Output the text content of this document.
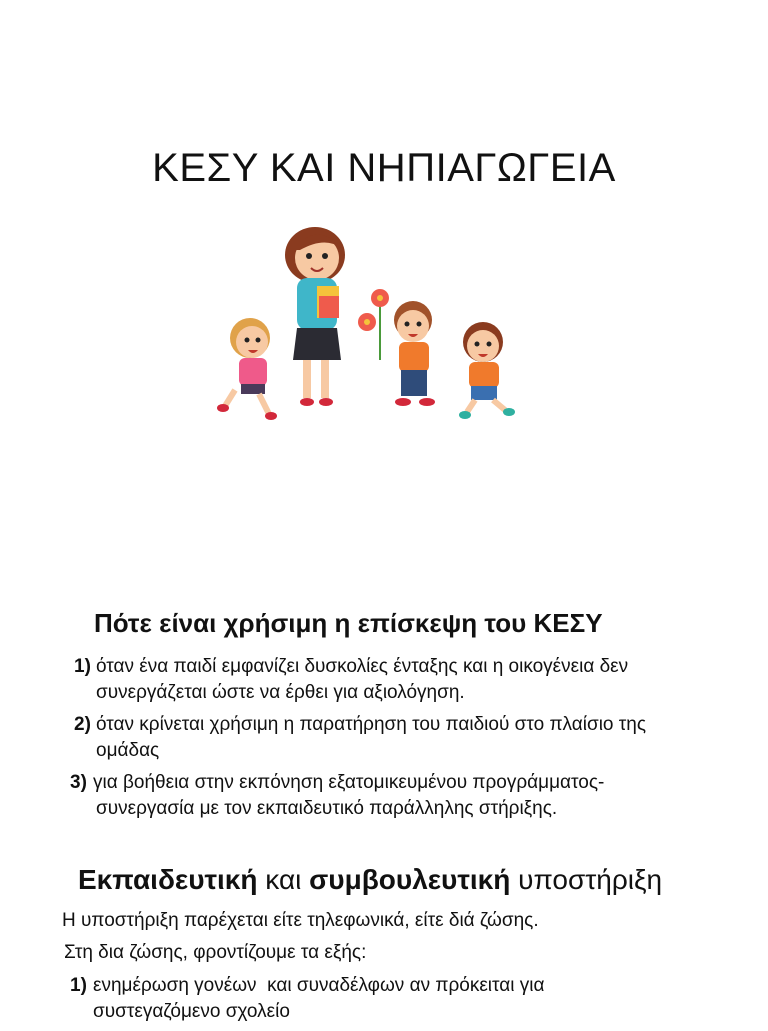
ΚΕΣΥ ΚΑΙ ΝΗΠΙΑΓΩΓΕΙΑ
Πότε είναι χρήσιμη η επίσκεψη του ΚΕΣΥ
1) όταν ένα παιδί εμφανίζει δυσκολίες ένταξης και η οικογένεια δεν
συνεργάζεται ώστε να έρθει για αξιολόγηση.
2) όταν κρίνεται χρήσιμη η παρατήρηση του παιδιού στο πλαίσιο της
ομάδας
3) για βοήθεια στην εκπόνηση εξατομικευμένου προγράμματος-
συνεργασία με τον εκπαιδευτικό παράλληλης στήριξης.
Εκπαιδευτική και συμβουλευτική υποστήριξη

Η υποστήριξη παρέχεται είτε τηλεφωνικά, είτε διά ζώσης.

Στη δια ζώσης, φροντίζουμε τα εξής:

1) ενημέρωση γονέων  και συναδέλφων αν πρόκειται για
συστεγαζόμενο σχολείο
